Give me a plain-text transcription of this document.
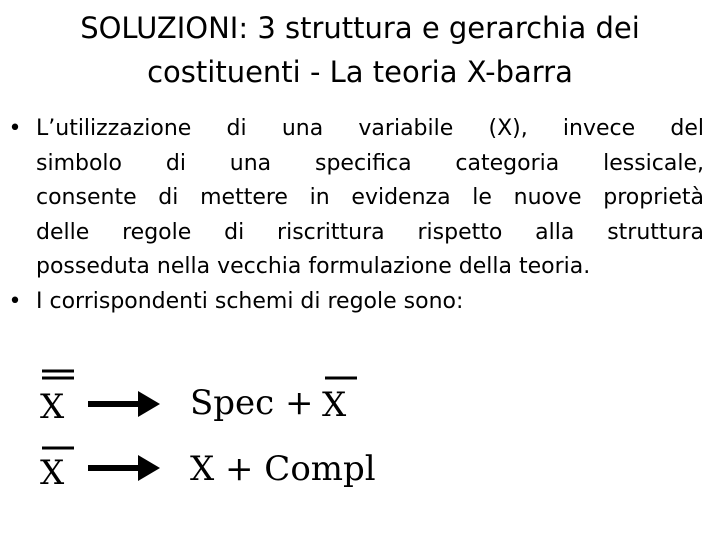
SOLUZIONI: 3 struttura e gerarchia dei
costituenti - La teoria X-barra
• L’utilizzazione di una variabile (X), invece del
simbolo di una specifica categoria lessicale,
consente di mettere in evidenza le nuove proprietà
delle regole di riscrittura rispetto alla struttura
posseduta nella vecchia formulazione della teoria.
• I corrispondenti schemi di regole sono:
X	Spec + X
X	X + Compl
